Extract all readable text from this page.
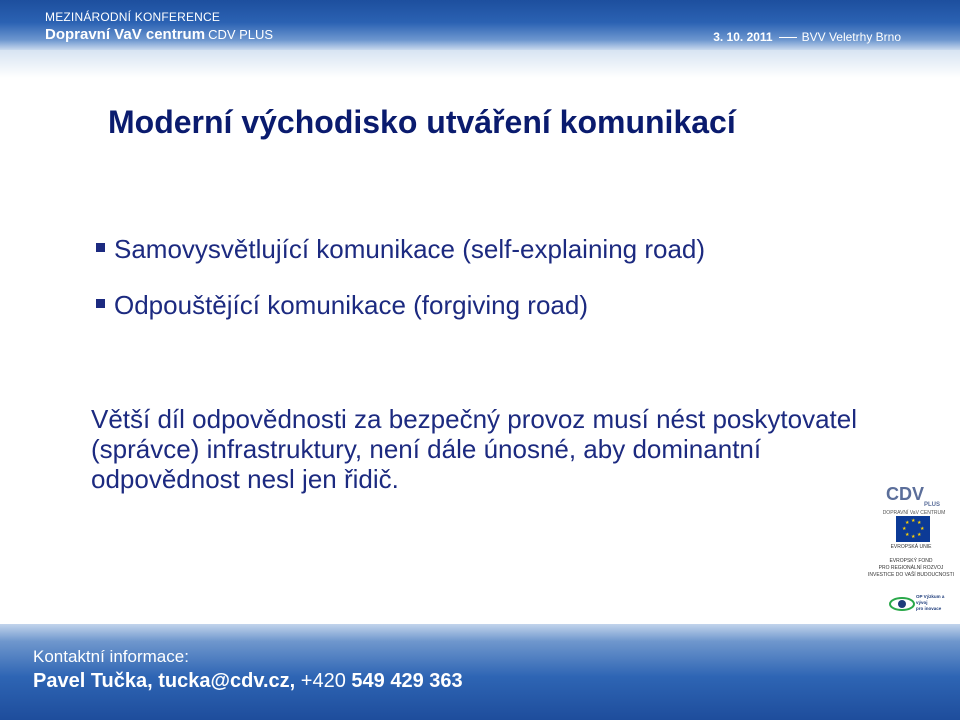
MEZINÁRODNÍ KONFERENCE
Dopravní VaV centrum CDV PLUS	3. 10. 2011 BVV Veletrhy Brno
Moderní východisko utváření komunikací
Samovysvětlující komunikace (self-explaining road)
Odpouštějící komunikace (forgiving road)

Větší díl odpovědnosti za bezpečný provoz musí nést poskytovatel (správce) infrastruktury, není dále únosné, aby dominantní odpovědnost nesl jen řidič.	CDV
PLUS
DOPRAVNÍ VaV CENTRUM
★ ★
★
★
★
★
★
★
EVROPSKÁ UNIE
EVROPSKÝ FOND
PRO REGIONÁLNÍ ROZVOJ
INVESTICE DO VAŠÍ BUDOUCNOSTI
OP Výzkum a vývoj
pro inovace
Kontaktní informace:
Pavel Tučka, tucka@cdv.cz, +420 549 429 363
